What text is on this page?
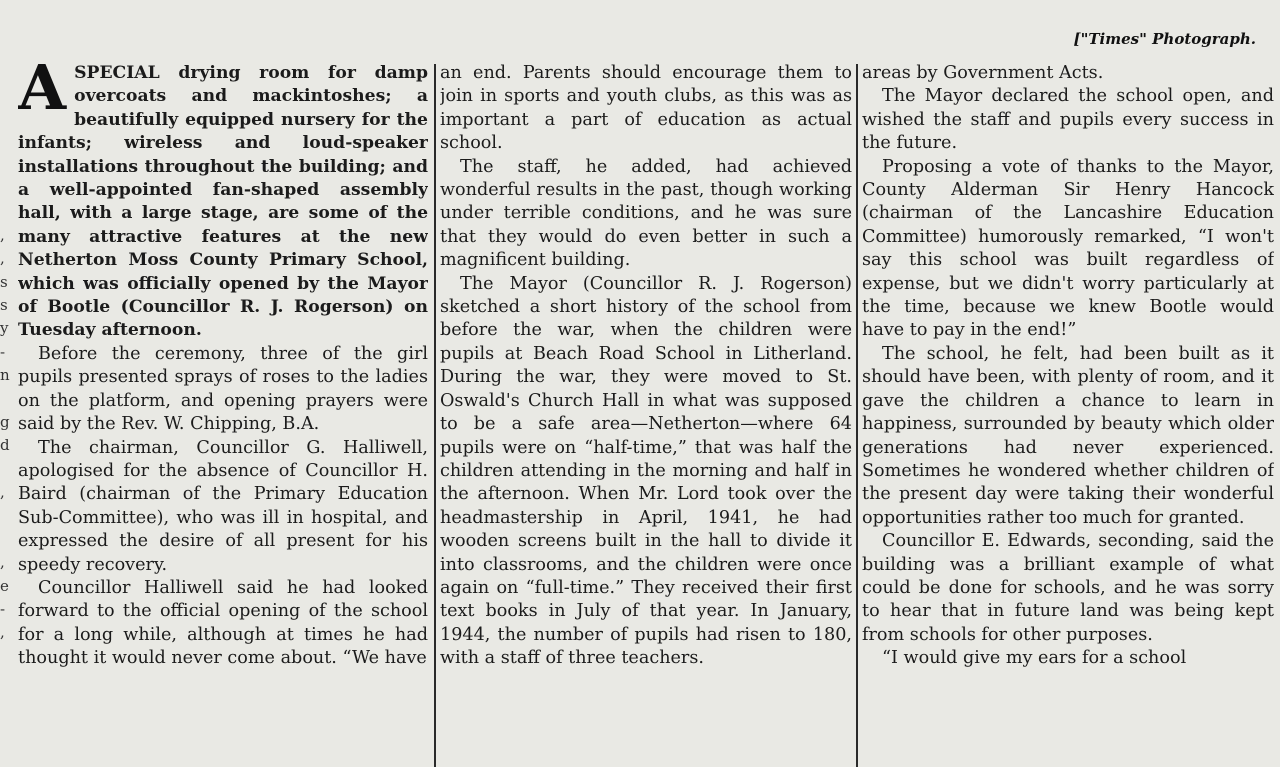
,
,
s
s
y
-
n
g
d
,
,
e
-
,
["Times" Photograph.

A SPECIAL drying room for damp overcoats and mackintoshes; a beautifully equipped nursery for the infants; wireless and loud-speaker installations throughout the building; and a well-appointed fan-shaped assembly hall, with a large stage, are some of the many attractive features at the new Netherton Moss County Primary School, which was officially opened by the Mayor of Bootle (Councillor R. J. Rogerson) on Tuesday afternoon.

Before the ceremony, three of the girl pupils presented sprays of roses to the ladies on the platform, and opening prayers were said by the Rev. W. Chipping, B.A.

The chairman, Councillor G. Halliwell, apologised for the absence of Councillor H. Baird (chairman of the Primary Education Sub-Committee), who was ill in hospital, and expressed the desire of all present for his speedy recovery.

Councillor Halliwell said he had looked forward to the official opening of the school for a long while, although at times he had thought it would never come about. “We have

an end. Parents should encourage them to join in sports and youth clubs, as this was as important a part of education as actual school.

The staff, he added, had achieved wonderful results in the past, though working under terrible conditions, and he was sure that they would do even better in such a magnificent building.

The Mayor (Councillor R. J. Rogerson) sketched a short history of the school from before the war, when the children were pupils at Beach Road School in Litherland. During the war, they were moved to St. Oswald's Church Hall in what was supposed to be a safe area—Netherton—where 64 pupils were on “half-time,” that was half the children attending in the morning and half in the afternoon. When Mr. Lord took over the headmastership in April, 1941, he had wooden screens built in the hall to divide it into classrooms, and the children were once again on “full-time.” They received their first text books in July of that year. In January, 1944, the number of pupils had risen to 180, with a staff of three teachers.

areas by Government Acts.

The Mayor declared the school open, and wished the staff and pupils every success in the future.

Proposing a vote of thanks to the Mayor, County Alderman Sir Henry Hancock (chairman of the Lancashire Education Committee) humorously remarked, “I won't say this school was built regardless of expense, but we didn't worry particularly at the time, because we knew Bootle would have to pay in the end!”

The school, he felt, had been built as it should have been, with plenty of room, and it gave the children a chance to learn in happiness, surrounded by beauty which older generations had never experienced. Sometimes he wondered whether children of the present day were taking their wonderful opportunities rather too much for granted.

Councillor E. Edwards, seconding, said the building was a brilliant example of what could be done for schools, and he was sorry to hear that in future land was being kept from schools for other purposes.

“I would give my ears for a school
